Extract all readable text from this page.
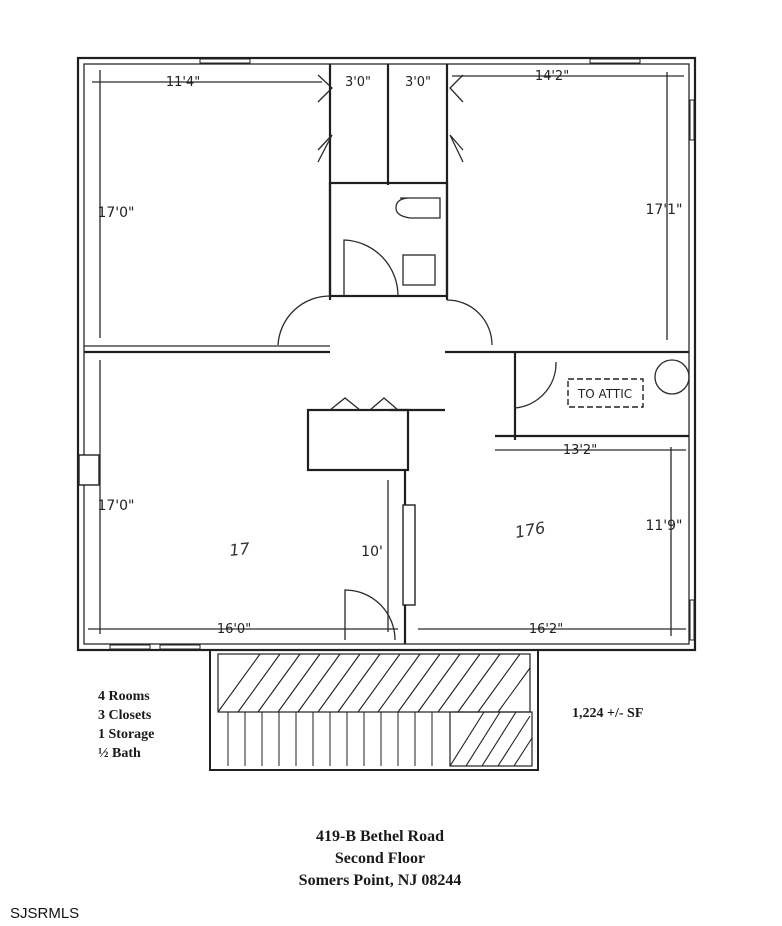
TO ATTIC
11'4"	3'0"	3'0"	14'2"
17'0"	17'1"
17'0"
16'0"	16'2"
13'2"
11'9"
10'
17
176
4 Rooms
3 Closets
1 Storage
½ Bath
1,224 +/- SF
419-B Bethel Road
Second Floor
Somers Point, NJ 08244
SJSRMLS
